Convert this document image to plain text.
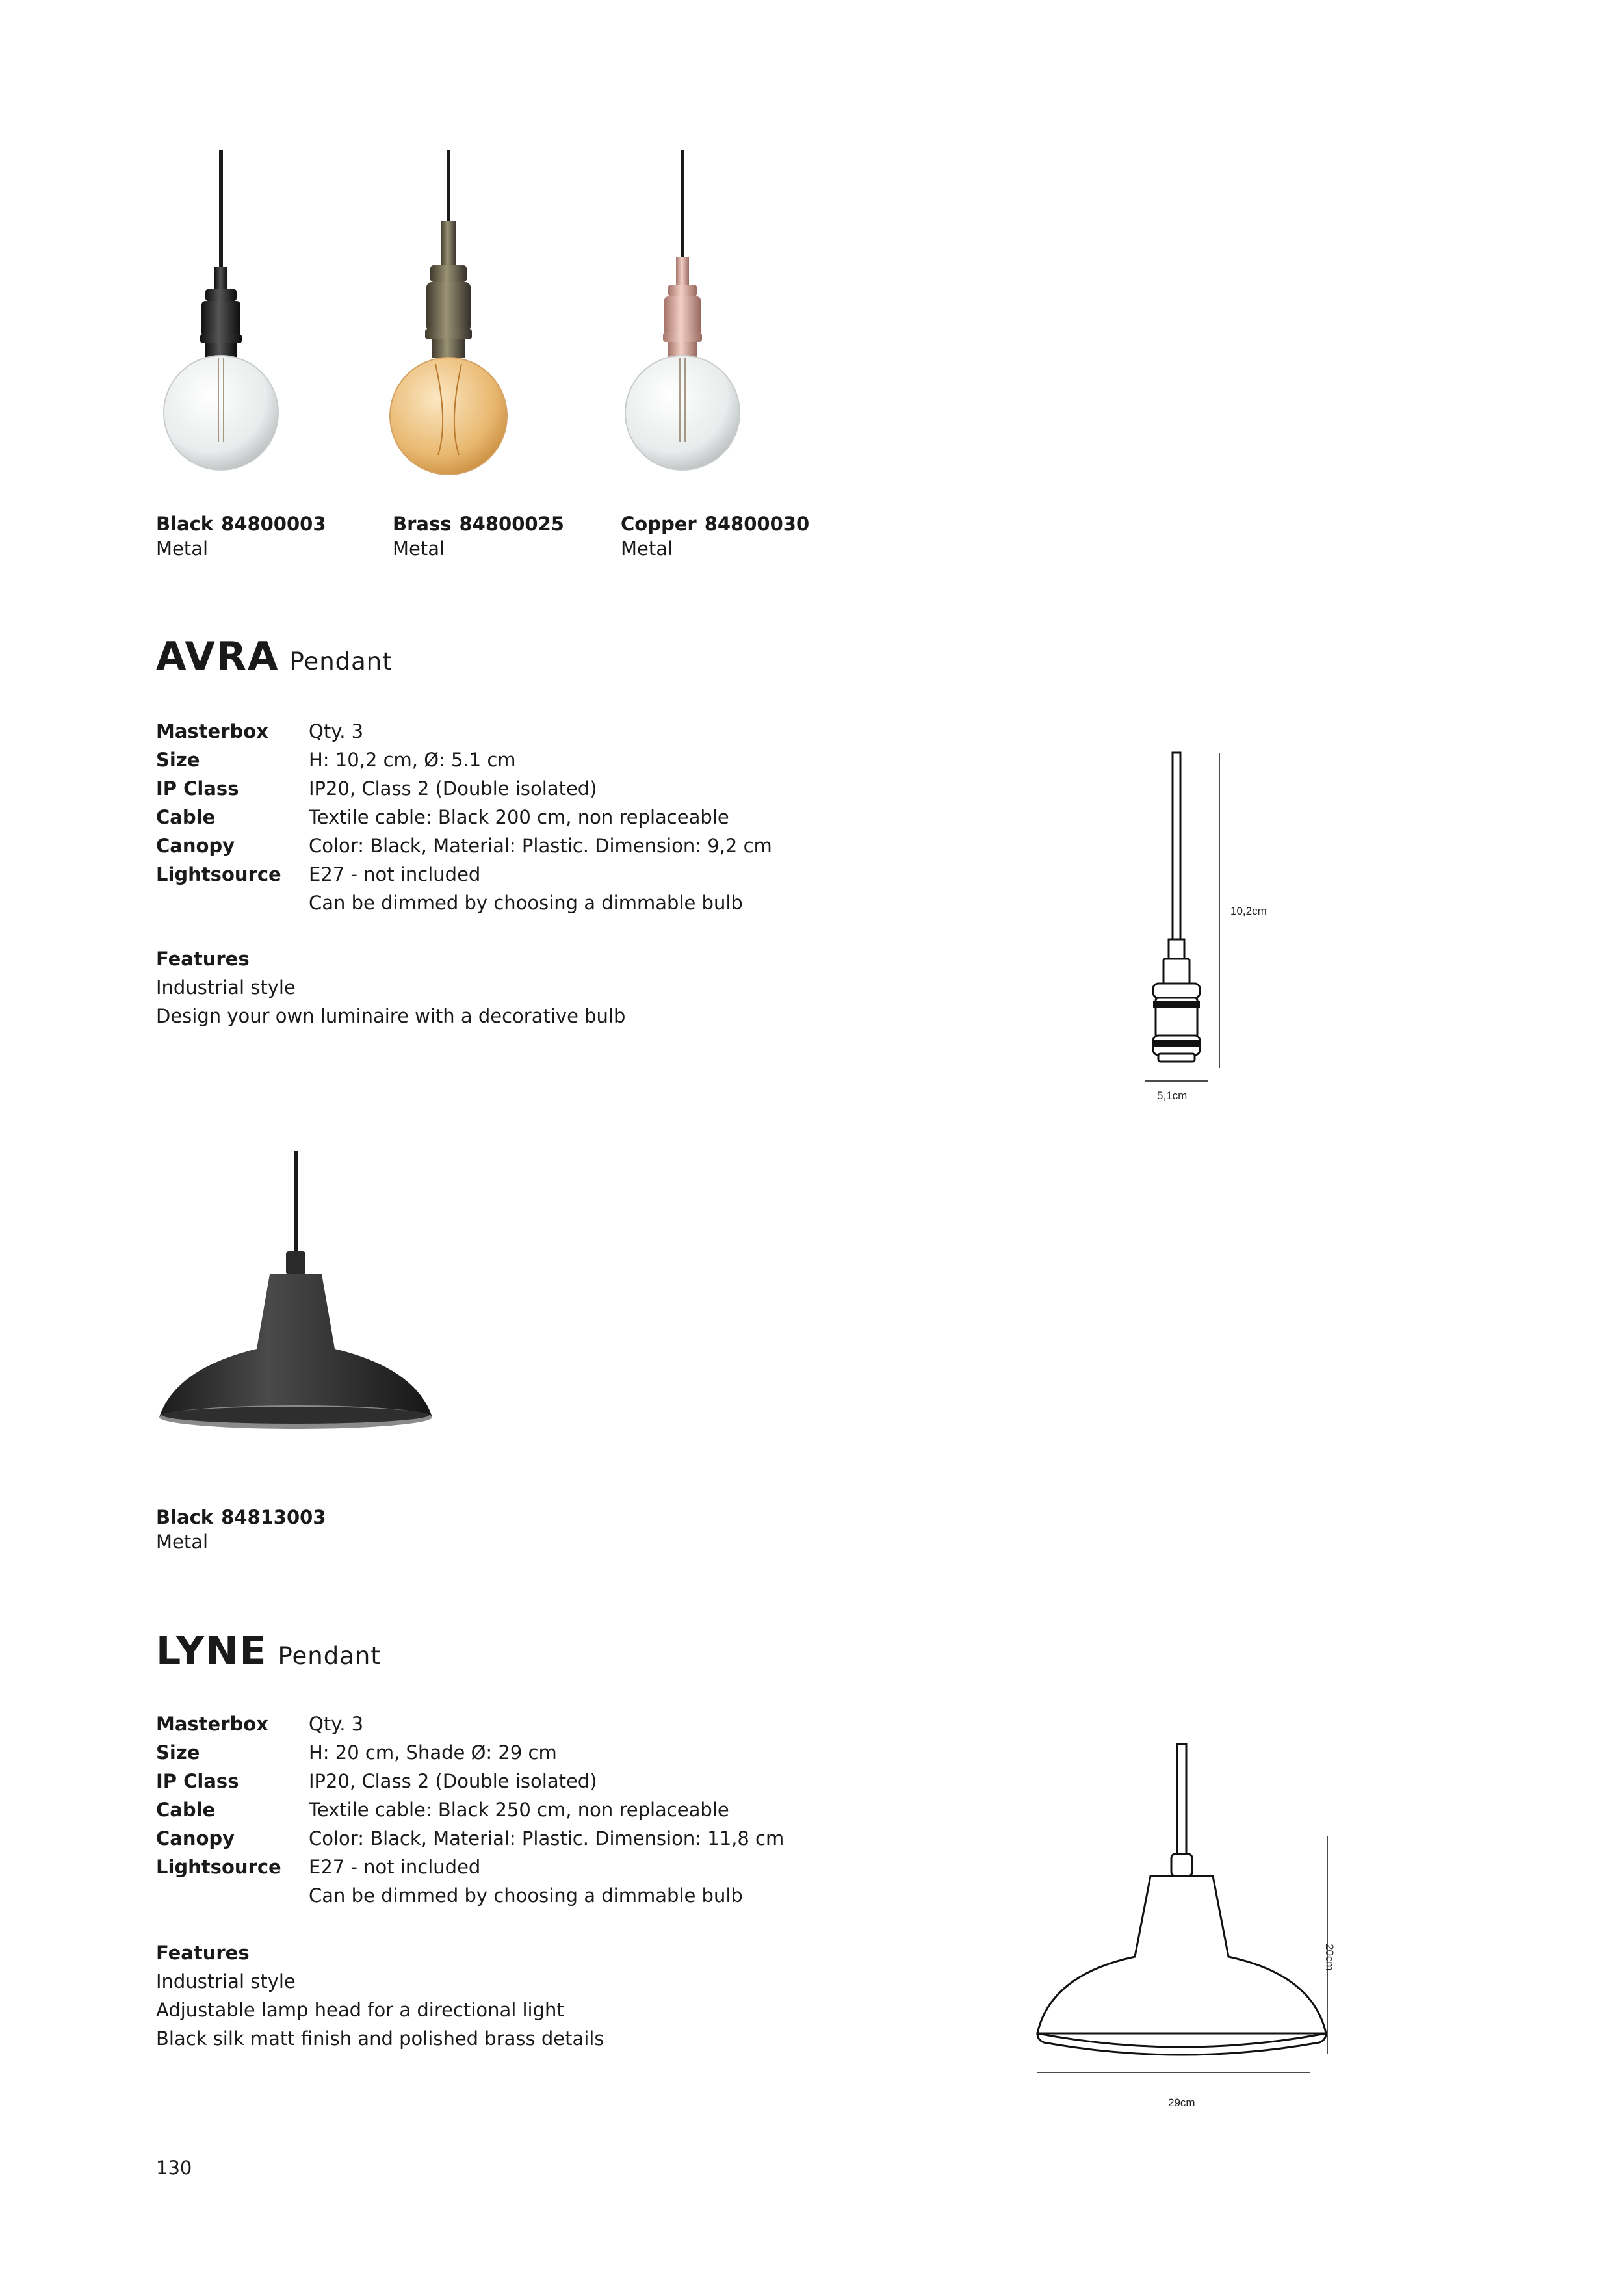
Black 84800003
Metal
Brass 84800025
Metal
Copper 84800030
Metal
AVRA Pendant
Masterbox Qty. 3
Size	H: 10,2 cm, Ø: 5.1 cm
IP Class	IP20, Class 2 (Double isolated)
Cable	Textile cable: Black 200 cm, non replaceable
Canopy	Color: Black, Material: Plastic. Dimension: 9,2 cm
Lightsource E27 - not included
Can be dimmed by choosing a dimmable bulb
Features
Industrial style
Design your own luminaire with a decorative bulb
10,2cm
5,1cm
Black 84813003
Metal
LYNE Pendant
Masterbox Qty. 3
Size	H: 20 cm, Shade Ø: 29 cm
IP Class	IP20, Class 2 (Double isolated)
Cable	Textile cable: Black 250 cm, non replaceable
Canopy	Color: Black, Material: Plastic. Dimension: 11,8 cm
Lightsource E27 - not included
Can be dimmed by choosing a dimmable bulb
Features
Industrial style
Adjustable lamp head for a directional light
Black silk matt finish and polished brass details
20cm
29cm
130
